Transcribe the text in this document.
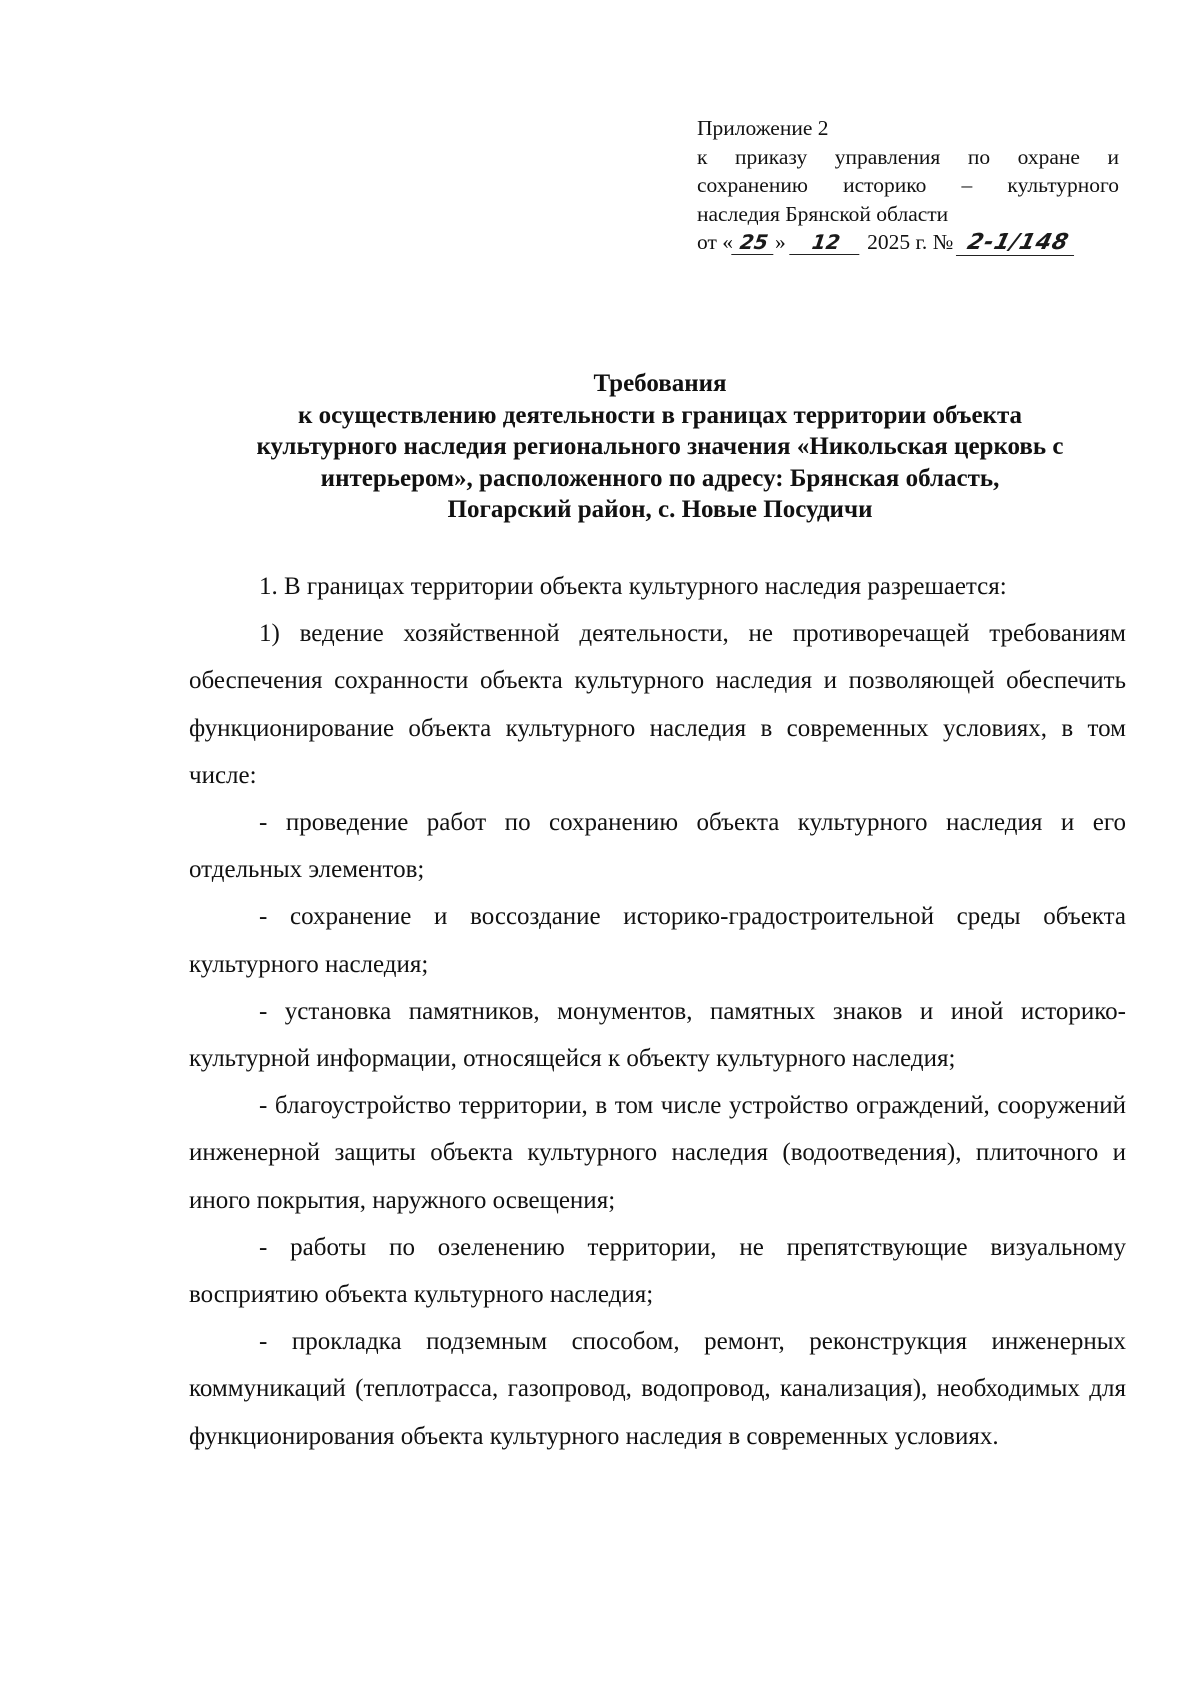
Приложение 2
к приказу управления по охране и
сохранению историко – культурного
наследия Брянской области
от « 25 » 12 2025 г. № 2-1/148
Требования
к осуществлению деятельности в границах территории объекта
культурного наследия регионального значения «Никольская церковь с
интерьером», расположенного по адресу: Брянская область,
Погарский район, с. Новые Посудичи

1. В границах территории объекта культурного наследия разрешается:

1) ведение хозяйственной деятельности, не противоречащей требованиям обеспечения сохранности объекта культурного наследия и позволяющей обеспечить функционирование объекта культурного наследия в современных условиях, в том числе:

- проведение работ по сохранению объекта культурного наследия и его отдельных элементов;

- сохранение и воссоздание историко-градостроительной среды объекта культурного наследия;

- установка памятников, монументов, памятных знаков и иной историко-культурной информации, относящейся к объекту культурного наследия;

- благоустройство территории, в том числе устройство ограждений, сооружений инженерной защиты объекта культурного наследия (водоотведения), плиточного и иного покрытия, наружного освещения;

- работы по озеленению территории, не препятствующие визуальному восприятию объекта культурного наследия;

- прокладка подземным способом, ремонт, реконструкция инженерных коммуникаций (теплотрасса, газопровод, водопровод, канализация), необходимых для функционирования объекта культурного наследия в современных условиях.
